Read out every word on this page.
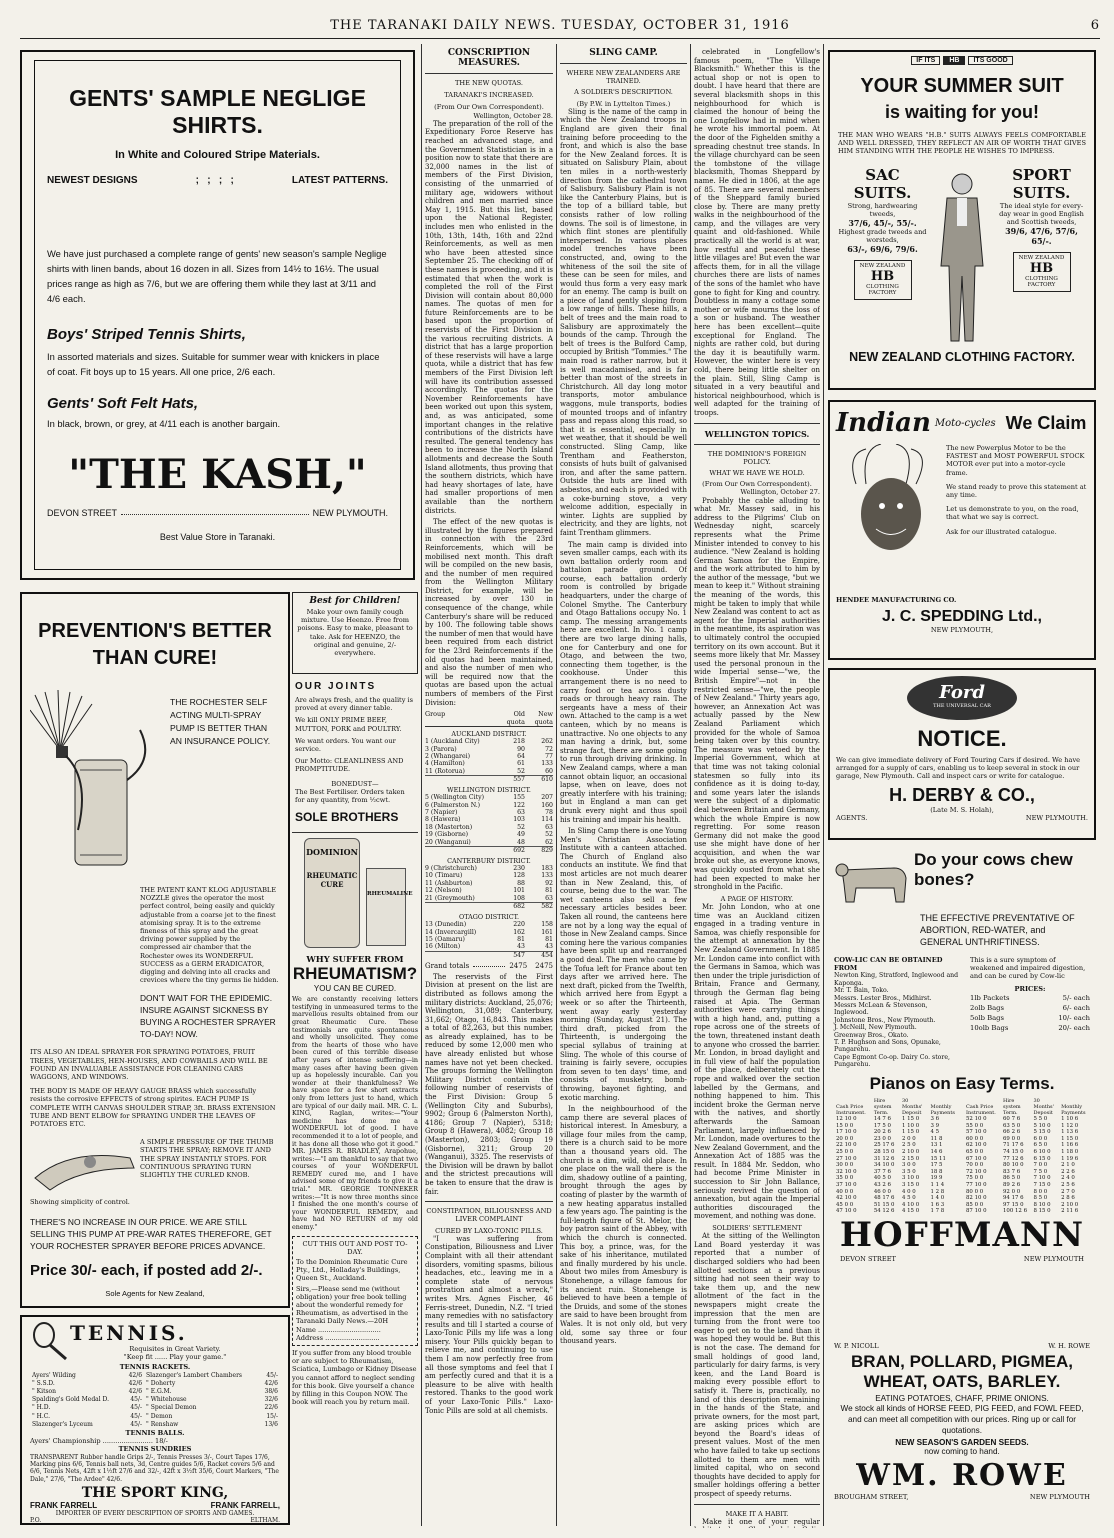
THE TARANAKI DAILY NEWS. TUESDAY, OCTOBER 31, 1916	6
GENTS' SAMPLE NEGLIGE SHIRTS.
In White and Coloured Stripe Materials.
NEWEST DESIGNS	;   ;   ;   ;	LATEST PATTERNS.
We have just purchased a complete range of gents' new season's sample Neglige shirts with linen bands, about 16 dozen in all. Sizes from 14½ to 16½. The usual prices range as high as 7/6, but we are offering them while they last at 3/11 and 4/6 each.
Boys' Striped Tennis Shirts,
In assorted materials and sizes. Suitable for summer wear with knickers in place of coat. Fit boys up to 15 years. All one price, 2/6 each.
Gents' Soft Felt Hats,
In black, brown, or grey, at 4/11 each is another bargain.
"THE KASH,"
DEVON STREET	NEW PLYMOUTH.
Best Value Store in Taranaki.
PREVENTION'S BETTER
THAN CURE!
THE ROCHESTER SELF ACTING MULTI-SPRAY PUMP IS BETTER THAN AN INSURANCE POLICY.
THE PATENT KANT KLOG ADJUSTABLE NOZZLE gives the operator the most perfect control, being easily and quickly adjustable from a coarse jet to the finest atomising spray. It is to the extreme fineness of this spray and the great driving power supplied by the compressed air chamber that the Rochester owes its WONDERFUL SUCCESS as a GERM ERADICATOR, digging and delving into all cracks and crevices where the tiny germs lie hidden.
DON'T WAIT FOR THE EPIDEMIC. INSURE AGAINST SICKNESS BY BUYING A ROCHESTER SPRAYER TO-DAY! NOW.
ITS ALSO AN IDEAL SPRAYER FOR SPRAYING POTATOES, FRUIT TREES, VEGETABLES, HEN-HOUSES, AND COWBAILS AND WILL BE FOUND AN INVALUABLE ASSISTANCE FOR CLEANING CARS WAGGONS, AND WINDOWS.
THE BODY IS MADE OF HEAVY GAUGE BRASS which successfully resists the corrosive EFFECTS of strong spirites. EACH PUMP IS COMPLETE WITH CANVAS SHOULDER STRAP, 3ft. BRASS EXTENSION TUBE AND BENT ELBOW for SPRAYING UNDER THE LEAVES OF POTATOES ETC.
A SIMPLE PRESSURE OF THE THUMB STARTS THE SPRAY; REMOVE IT AND THE SPRAY INSTANTLY STOPS. FOR CONTINUOUS SPRAYING TURN SLIGHTLY THE CURLED KNOB.
Showing simplicity of control.
THERE'S NO INCREASE IN OUR PRICE. WE ARE STILL SELLING THIS PUMP AT PRE-WAR RATES THEREFORE, GET YOUR ROCHESTER SPRAYER BEFORE PRICES ADVANCE.
Price 30/- each, if posted add 2/-.
Sole Agents for New Zealand,
TENNIS.
Requisites in Great Variety.
"Keep fit ...... Play your game."
TENNIS RACKETS.
Ayers' Wilding	42/6	Slazenger's Lambert Chambers	45/-
" S.S.D.	42/6	" Doherty	42/6
" Kitson	42/6	" E.G.M.	38/6
Spalding's Gold Medal D.	45/-	" Whitehouse	32/6
" H.D.	45/-	" Special Demon	22/6
" H.C.	45/-	" Demon	15/-
Slazenger's Lyceum	45/-	" Renshaw	13/6
TENNIS BALLS.
Ayers' Championship ........................ 18/-
TENNIS SUNDRIES
TRANSPARENT Rubber handle Grips 2/-, Tennis Presses 3/-, Court Tapes 17/6, Marking pins 6/6, Tennis ball nets, 3d, Centre guides 5/6, Racket covers 5/6 and 6/6, Tennis Nets, 42ft x 1½ft 27/6 and 32/-, 42ft x 3½ft 35/6, Court Markers, "The Dale," 27/6, "The Ardee" 42/6.
THE SPORT KING,
FRANK FARRELL	FRANK FARRELL,
IMPORTER OF EVERY DESCRIPTION OF SPORTS AND GAMES.
P.O.	ELTHAM.
Best for Children!
Make your own family cough mixture. Use Heenzo. Free from poisons. Easy to make, pleasant to take. Ask for HEENZO, the original and genuine, 2/- everywhere.
OUR JOINTS
Are always fresh, and the quality is proved at every dinner table.
We kill ONLY PRIME BEEF, MUTTON, PORK and POULTRY.
We want orders. You want our service.
Our Motto: CLEANLINESS AND PROMPTITUDE.
BONEDUST—
The Best Fertiliser. Orders taken for any quantity, from ½cwt.
SOLE BROTHERS
DOMINION
RHEUMATIC
CURE
RHEUMALINE
WHY SUFFER FROM
RHEUMATISM?
YOU CAN BE CURED.
We are constantly receiving letters testifying in unmeasured terms to the marvellous results obtained from our great Rheumatic Cure. These testimonials are quite spontaneous and wholly unsolicited. They come from the hearts of those who have been cured of this terrible disease after years of intense suffering—in many cases after having been given up as hopelessly incurable. Can you wonder at their thankfulness? We have space for a few short extracts only from letters just to hand, which are typical of our daily mail. MR. C. L. KING, Raglan, writes:—"Your medicine has done me a WONDERFUL lot of good. I have recommended it to a lot of people, and it has done all those who got it good." MR. JAMES R. BRADLEY, Arapohue, writes:—"I am thankful to say that two courses of your WONDERFUL REMEDY cured me, and I have advised some of my friends to give it a trial." MR. GEORGE TONNEKER writes:—"It is now three months since I finished the one month's course of your WONDERFUL REMEDY, and have had NO RETURN of my old enemy."
CUT THIS OUT AND POST TO-DAY.
To the Dominion Rheumatic Cure Pty., Ltd., Holladay's Buildings, Queen St., Auckland.
Sirs,—Please send me (without obligation) your free book telling about the wonderful remedy for Rheumatism, as advertised in the Taranaki Daily News.—20H
Name ..............................
Address ..........................
If you suffer from any blood trouble or are subject to Rheumatism, Sciatica, Lumbago or Kidney Disease you cannot afford to neglect sending for this book. Give yourself a chance by filling in this Coupon NOW. The book will reach you by return mail.
CONSCRIPTION MEASURES.
THE NEW QUOTAS.
TARANAKI'S INCREASED.
(From Our Own Correspondent).
Wellington, October 28.
The preparation of the roll of the Expeditionary Force Reserve has reached an advanced stage, and the Government Statistician is in a position now to state that there are 32,000 names in the list of members of the First Division, consisting of the unmarried of military age, widowers without children and men married since May 1, 1915. But this list, based upon the National Register, includes men who enlisted in the 10th, 13th, 14th, 16th and 22nd Reinforcements, as well as men who have been attested since September 25. The checking off of these names is proceeding, and it is estimated that when the work is completed the roll of the First Division will contain about 80,000 names. The quotas of men for future Reinforcements are to be based upon the proportion of reservists of the First Division in the various recruiting districts. A district that has a large proportion of these reservists will have a large quota, while a district that has few members of the First Division left will have its contribution assessed accordingly. The quotas for the November Reinforcements have been worked out upon this system, and, as was anticipated, some important changes in the relative contributions of the districts have resulted. The general tendency has been to increase the North Island allotments and decrease the South Island allotments, thus proving that the southern districts, which have had heavy shortages of late, have had smaller proportions of men available than the northern districts.
The effect of the new quotas is illustrated by the figures prepared in connection with the 23rd Reinforcements, which will be mobilised next month. This draft will be compiled on the new basis, and the number of men required from the Wellington Military District, for example, will be increased by over 130 in consequence of the change, while Canterbury's share will be reduced by 100. The following table shows the number of men that would have been required from each district for the 23rd Reinforcements if the old quotas had been maintained, and also the number of men who will be required now that the quotas are based upon the actual numbers of members of the First Division:
Group	Old quota
New quota
AUCKLAND DISTRICT.
1 (Auckland City)	218	262
3 (Parora)	90	72
2 (Whangarei)	64	77
4 (Hamilton)	61	133
11 (Rotorua)	52	60
557	610
WELLINGTON DISTRICT.
5 (Wellington City)	155	207
6 (Palmerston N.)	122	160
7 (Napier)	63	78
8 (Hawera)	103	114
18 (Masterton)	52	63
19 (Gisborne)	49	52
20 (Wanganui)	48	62
692	829
CANTERBURY DISTRICT.
9 (Christchurch)	230	183
10 (Timaru)	128	133
11 (Ashburton)	88	92
12 (Nelson)	101	81
21 (Greymouth)	108	63
682	582
OTAGO DISTRICT.
13 (Dunedin)	220	158
14 (Invercargill)	162	161
15 (Oamaru)	81	81
16 (Milton)	43	43
547	454
Grand totals	2475 2475
The reservists of the First Division at present on the list are distributed as follows among the military districts: Auckland, 25,076; Wellington, 31,089; Canterbury, 31,662; Otago, 16,843. This makes a total of 82,263, but this number, as already explained, has to be reduced by some 12,000 men who have already enlisted but whose names have not yet been checked. The groups forming the Wellington Military District contain the following number of reservists of the First Division: Group 5 (Wellington City and Suburbs), 9902; Group 6 (Palmerston North), 4186; Group 7 (Napier), 5318; Group 8 (Hawera), 4082; Group 18 (Masterton), 2803; Group 19 (Gisborne), 3211; Group 20 (Wanganui), 3325. The reservists of the Division will be drawn by ballot and the strictest precautions will be taken to ensure that the draw is fair.
CONSTIPATION, BILIOUSNESS AND LIVER COMPLAINT
CURED BY LAXO-TONIC PILLS.
"I was suffering from Constipation, Biliousness and Liver Complaint with all their attendant disorders, vomiting spasms, bilious headaches, etc., leaving me in a complete state of nervous prostration and almost a wreck," writes Mrs. Agnes Fischer, 46 Ferris-street, Dunedin, N.Z. "I tried many remedies with no satisfactory results and till I started a course of Laxo-Tonic Pills my life was a long misery. Your Pills quickly began to relieve me, and continuing to use them I am now perfectly free from all those symptoms and feel that I am perfectly cured and that it is a pleasure to be alive with health restored. Thanks to the good work of your Laxo-Tonic Pills." Laxo-Tonic Pills are sold at all chemists.
SLING CAMP.
WHERE NEW ZEALANDERS ARE TRAINED.
A SOLDIER'S DESCRIPTION.
(By P.W. in Lyttelton Times.)
Sling is the name of the camp in which the New Zealand troops in England are given their final training before proceeding to the front, and which is also the base for the New Zealand forces. It is situated on Salisbury Plain, about ten miles in a north-westerly direction from the cathedral town of Salisbury. Salisbury Plain is not like the Canterbury Plains, but is the top of a billiard table, but consists rather of low rolling downs. The soil is of limestone, in which flint stones are plentifully interspersed. In various places model trenches have been constructed, and, owing to the whiteness of the soil the site of these can be seen for miles, and would thus form a very easy mark for an enemy. The camp is built on a piece of land gently sloping from a low range of hills. These hills, a belt of trees and the main road to Salisbury are approximately the bounds of the camp. Through the belt of trees is the Bulford Camp, occupied by British "Tommies." The main road is rather narrow, but it is well macadamised, and is far better than most of the streets in Christchurch. All day long motor transports, motor ambulance waggons, mule transports, bodies of mounted troops and of infantry pass and repass along this road, so that it is essential, especially in wet weather, that it should be well constructed. Sling Camp, like Trentham and Featherston, consists of huts built of galvanised iron, and after the same pattern. Outside the huts are lined with asbestos, and each is provided with a coke-burning stove, a very welcome addition, especially in winter. Lights are supplied by electricity, and they are lights, not faint Trentham glimmers.
The main camp is divided into seven smaller camps, each with its own battalion orderly room and battalion parade ground. Of course, each battalion orderly room is controlled by brigade headquarters, under the charge of Colonel Smythe. The Canterbury and Otago Battalions occupy No. 1 camp. The messing arrangements here are excellent. In No. 1 camp there are two large dining halls, one for Canterbury and one for Otago, and between the two, connecting them together, is the cookhouse. Under this arrangement there is no need to carry food or tea across dusty roads or through heavy rain. The sergeants have a mess of their own. Attached to the camp is a wet canteen, which by no means is unattractive. No one objects to any man having a drink, but, some strange fact, there are some going to run through driving drinking. In New Zealand camps, where a man cannot obtain liquor, an occasional lapse, when on leave, does not greatly interfere with his training; but in England a man can get drunk every night and thus spoil his training and impair his health.
In Sling Camp there is one Young Men's Christian Association Institute with a canteen attached. The Church of England also conducts an institute. We find that most articles are not much dearer than in New Zealand, this, of course, being due to the war. The wet canteens also sell a few necessary articles besides beer. Taken all round, the canteens here are not by a long way the equal of those in New Zealand camps. Since coming here the various companies have been split up and rearranged a good deal. The men who came by the Tofua left for France about ten days after we arrived here. The next draft, picked from the Twelfth, which arrived here from Egypt a week or so after the Thirteenth, went away early yesterday morning (Sunday, August 21). The third draft, picked from the Thirteenth, is undergoing the special syllabus of training at Sling. The whole of this course of training is fairly severe, occupies from seven to ten days' time, and consists of musketry, bomb-throwing, bayonet fighting, and exotic marching.
In the neighbourhood of the camp there are several places of historical interest. In Amesbury, a village four miles from the camp, there is a church said to be more than a thousand years old. The church is a dim, wild, old place. In one place on the wall there is the dim, shadowy outline of a painting, brought through the ages by coating of plaster by the warmth of a new heating apparatus installed a few years ago. The painting is the full-length figure of St. Melor, the boy patron saint of the Abbey, with which the church is connected. This boy, a prince, was, for the sake of his inheritance, mutilated and finally murdered by his uncle. About two miles from Amesbury is Stonehenge, a village famous for its ancient ruin. Stonehenge is believed to have been a temple of the Druids, and some of the stones are said to have been brought from Wales. It is not only old, but very old, some say three or four thousand years.
celebrated in Longfellow's famous poem, "The Village Blacksmith." Whether this is the actual shop or not is open to doubt. I have heard that there are several blacksmith shops in this neighbourhood for which is claimed the honour of being the one Longfellow had in mind when he wrote his immortal poem. At the door of the Fighelden smithy a spreading chestnut tree stands. In the village churchyard can be seen the tombstone of the village blacksmith, Thomas Sheppard by name. He died in 1806, at the age of 85. There are several members of the Sheppard family buried close by. There are many pretty walks in the neighbourhood of the camp, and the villages are very quaint and old-fashioned. While practically all the world is at war, how restful and peaceful these little villages are! But even the war affects them, for in all the village churches there are lists of names of the sons of the hamlet who have gone to fight for King and country. Doubtless in many a cottage some mother or wife mourns the loss of a son or husband. The weather here has been excellent—quite exceptional for England. The nights are rather cold, but during the day it is beautifully warm. However, the winter here is very cold, there being little shelter on the plain. Still, Sling Camp is situated in a very beautiful and historical neighbourhood, which is well adapted for the training of troops.
WELLINGTON TOPICS.
THE DOMINION'S FOREIGN POLICY.
WHAT WE HAVE WE HOLD.
(From Our Own Correspondent).
Wellington, October 27.
Probably the cable alluding to what Mr. Massey said, in his address to the Pilgrims' Club on Wednesday night, scarcely represents what the Prime Minister intended to convey to his audience. "New Zealand is holding German Samoa for the Empire, and the work attributed to him by the author of the message, "but we mean to keep it." Without straining the meaning of the words, this might be taken to imply that while New Zealand was content to act as agent for the Imperial authorities in the meantime, its aspiration was to ultimately control the occupied territory on its own account. But it seems more likely that Mr. Massey used the personal pronoun in the wide Imperial sense—"we, the British Empire"—not in the restricted sense—"we, the people of New Zealand." Thirty years ago, however, an Annexation Act was actually passed by the New Zealand Parliament which provided for the whole of Samoa being taken over by this country. The measure was vetoed by the Imperial Government, which at that time was not taking colonial statesmen so fully into its confidence as it is doing to-day, and some years later the islands were the subject of a diplomatic deal between Britain and Germany, which the whole Empire is now regretting. For some reason Germany did not make the good use she might have done of her acquisition, and when the war broke out she, as everyone knows, was quickly ousted from what she had been expected to make her stronghold in the Pacific.
A PAGE OF HISTORY.
Mr. John London, who at one time was an Auckland citizen engaged in a trading venture in Samoa, was chiefly responsible for the attempt at annexation by the New Zealand Government. In 1885 Mr. London came into conflict with the Germans in Samoa, which was then under the triple jurisdiction of Britain, France and Germany, through the German flag being raised at Apia. The German authorities were carrying things with a high hand, and, putting a rope across one of the streets of the town, threatened instant death to anyone who crossed the barrier. Mr. London, in broad daylight and in full view of half the population of the place, deliberately cut the rope and walked over the section labelled by the Germans, and nothing happened to him. This incident broke the German nerve with the natives, and shortly afterwards the Samoan Parliament, largely influenced by Mr. London, made overtures to the New Zealand Government, and the Annexation Act of 1885 was the result. In 1884 Mr. Seddon, who had become Prime Minister in succession to Sir John Ballance, seriously revived the question of annexation, but again the Imperial authorities discouraged the movement, and nothing was done.
SOLDIERS' SETTLEMENT
At the sitting of the Wellington Land Board yesterday it was reported that a number of discharged soldiers who had been allotted sections at a previous sitting had not seen their way to take them up, and the new allotment of the fact in the newspapers might create the impression that the men are turning from the front were too eager to get on to the land than it was hoped they would be. But this is not the case. The demand for small holdings of good land, particularly for dairy farms, is very keen, and the Land Board is making every possible effort to satisfy it. There is, practically, no land of this description remaining in the hands of the State, and private owners, for the most part, are asking prices which are beyond the Board's ideas of present values. Most of the men who have failed to take up sections allotted to them are men with limited capital, who on second thoughts have decided to apply for smaller holdings offering a better prospect of speedy returns.
MAKE IT A HABIT.
Make it one of your regular
IF ITS	HB	ITS GOOD
YOUR SUMMER SUIT
is waiting for you!
THE MAN WHO WEARS "H.B." SUITS ALWAYS FEELS COMFORTABLE AND WELL DRESSED, THEY REFLECT AN AIR OF WORTH THAT GIVES HIM STANDING WITH THE PEOPLE HE WISHES TO IMPRESS.
SAC SUITS.
Strong, hardwearing tweeds,
37/6, 45/-, 55/-.
Highest grade tweeds and worsteds,
63/-, 69/6, 79/6.
NEW ZEALAND
HB
CLOTHING FACTORY
SPORT SUITS.
The ideal style for every-day wear in good English and Scottish tweeds,
39/6, 47/6, 57/6, 65/-.
NEW ZEALAND
HB
CLOTHING FACTORY
NEW ZEALAND CLOTHING FACTORY.
Indian Moto-cycles We Claim
The new Powerplus Motor to be the FASTEST and MOST POWERFUL STOCK MOTOR ever put into a motor-cycle frame.
We stand ready to prove this statement at any time.
Let us demonstrate to you, on the road, that what we say is correct.
Ask for our illustrated catalogue.
HENDEE MANUFACTURING CO.
J. C. SPEDDING Ltd.,
NEW PLYMOUTH,
Ford
THE UNIVERSAL CAR
NOTICE.
We can give immediate delivery of Ford Touring Cars if desired. We have arranged for a supply of cars, enabling us to keep several in stock in our garage, New Plymouth. Call and inspect cars or write for catalogue.
H. DERBY & CO.,
(Late M. S. Holah),
AGENTS.	NEW PLYMOUTH.
Do your cows chew bones?
THE EFFECTIVE PREVENTATIVE OF ABORTION, RED-WATER, and GENERAL UNTHRIFTINESS.
COW-LIC CAN BE OBTAINED FROM
Newton King, Stratford, Inglewood and Kaponga.
Mr. T. Bain, Toko.
Messrs. Lester Bros., Midhirst.
Messrs McLean & Stevenson, Inglewood.
Johnstone Bros., New Plymouth.
J. McNeill, New Plymouth.
Greenway Bros., Okato.
T. P. Hughson and Sons, Opunake, Pungarehu.
Cape Egmont Co-op. Dairy Co. store, Pungarehu.
This is a sure symptom of weakened and impaired digestion, and can be cured by Cow-lic
PRICES:
1lb Packets	5/- each
2olb Bags	6/- each
5olb Bags	10/- each
10olb Bags	20/- each
Pianos on Easy Terms.
Cash Price Instrument.	Hire system Term.	30 Months' Deposit	Monthly Payments
12 10 0	14 7 6	1 15 0	3 6
15 0 0	17 5 0	1 10 0	3 9
17 10 0	20 2 6	1 15 0	4 5
20 0 0	23 0 0	2 0 0	11 8
22 10 0	25 17 6	2 5 0	13 1
25 0 0	28 15 0	2 10 0	14 6
27 10 0	31 12 6	2 15 0	15 11
30 0 0	34 10 0	3 0 0	17 5
32 10 0	37 7 6	3 5 0	18 8
35 0 0	40 5 0	3 10 0	19 9
37 10 0	43 2 6	3 15 0	1 1 4
40 0 0	46 0 0	4 0 0	1 2 8
42 10 0	48 17 6	4 5 0	1 4 0
45 0 0	51 15 0	4 10 0	1 6 3
47 10 0	54 12 6	4 15 0	1 7 8
Cash Price Instrument.	Hire system Term.	30 Months' Deposit	Monthly Payments
52 10 0	60 7 6	5 5 0	1 10 6
55 0 0	63 5 0	5 10 0	1 12 0
57 10 0	66 2 6	5 15 0	1 13 6
60 0 0	69 0 0	6 0 0	1 15 0
62 10 0	71 17 6	6 5 0	1 16 6
65 0 0	74 15 0	6 10 0	1 18 0
67 10 0	77 12 6	6 15 0	1 19 6
70 0 0	80 10 0	7 0 0	2 1 0
72 10 0	83 7 6	7 5 0	2 2 6
75 0 0	86 5 0	7 10 0	2 4 0
77 10 0	89 2 6	7 15 0	2 5 6
80 0 0	92 0 0	8 0 0	2 7 0
82 10 0	94 17 6	8 5 0	2 8 6
85 0 0	97 15 0	8 10 0	2 10 0
87 10 0	100 12 6	8 15 0	2 11 6
HOFFMANN
DEVON STREET	NEW PLYMOUTH
W. P. NICOLL	W. H. ROWE
BRAN, POLLARD, PIGMEA,
WHEAT, OATS, BARLEY.
EATING POTATOES, CHAFF, PRIME ONIONS.
We stock all kinds of HORSE FEED, PIG FEED, and FOWL FEED, and can meet all competition with our prices. Ring up or call for quotations.
NEW SEASON'S GARDEN SEEDS.
now coming to hand.
WM. ROWE
BROUGHAM STREET,	NEW PLYMOUTH
